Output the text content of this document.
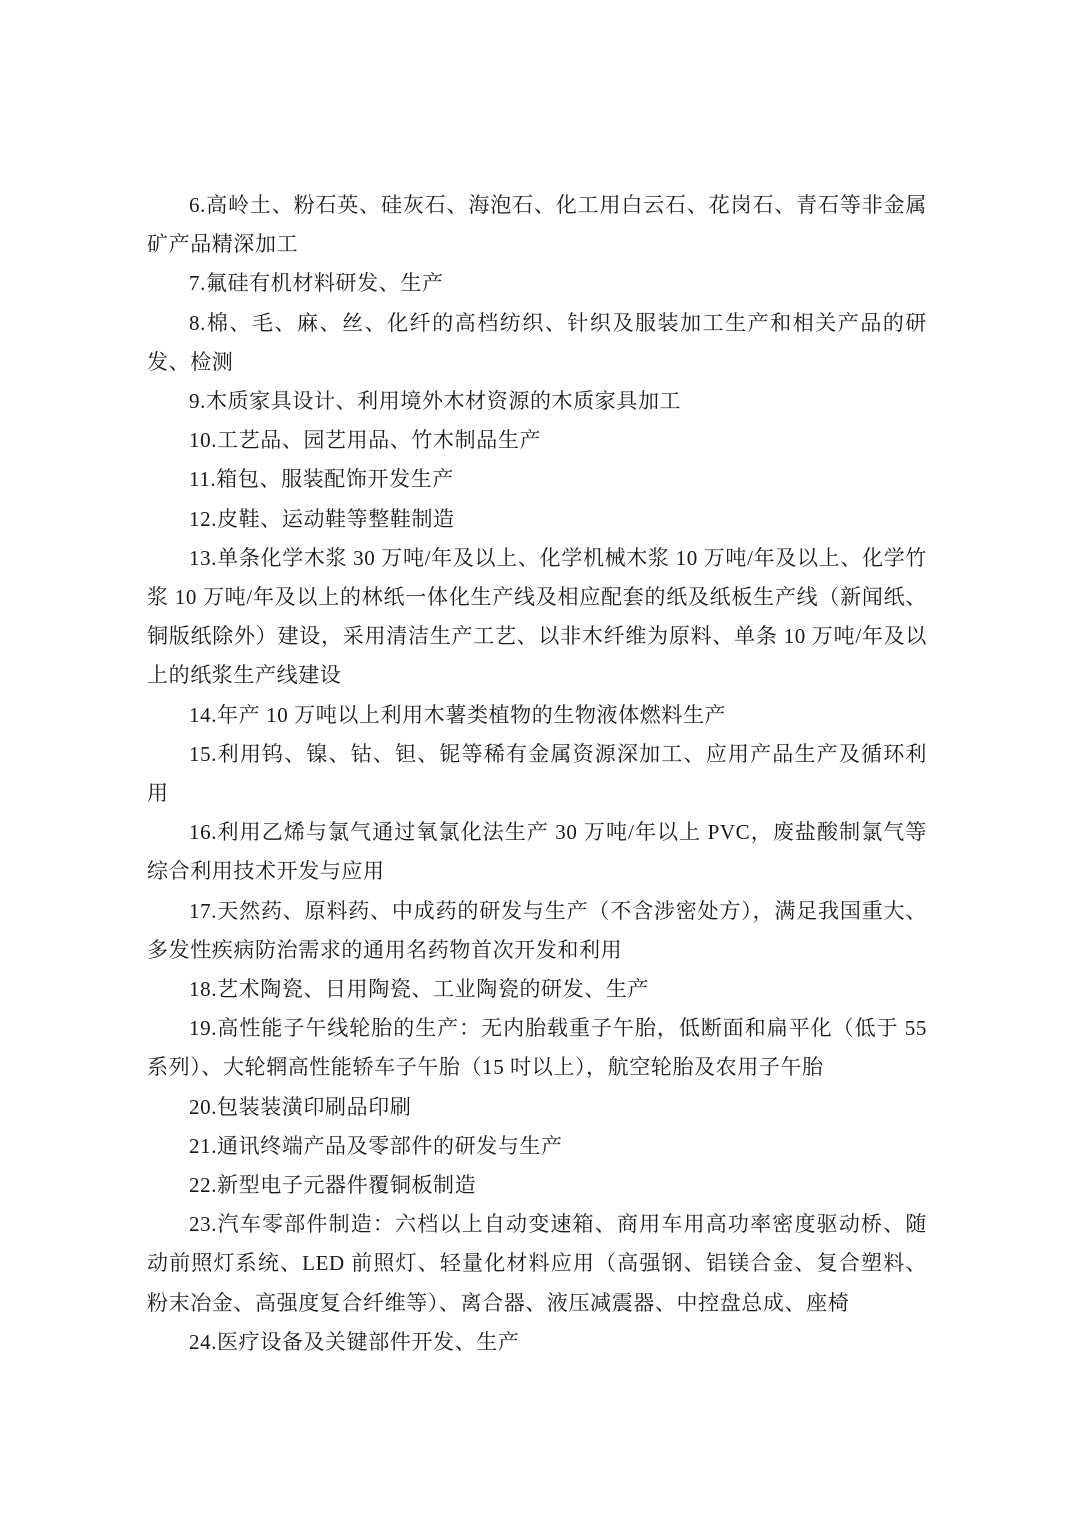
6.高岭土、粉石英、硅灰石、海泡石、化工用白云石、花岗石、青石等非金属矿产品精深加工

7.氟硅有机材料研发、生产

8.棉、毛、麻、丝、化纤的高档纺织、针织及服装加工生产和相关产品的研发、检测

9.木质家具设计、利用境外木材资源的木质家具加工

10.工艺品、园艺用品、竹木制品生产

11.箱包、服装配饰开发生产

12.皮鞋、运动鞋等整鞋制造

13.单条化学木浆 30 万吨/年及以上、化学机械木浆 10 万吨/年及以上、化学竹浆 10 万吨/年及以上的林纸一体化生产线及相应配套的纸及纸板生产线（新闻纸、铜版纸除外）建设，采用清洁生产工艺、以非木纤维为原料、单条 10 万吨/年及以上的纸浆生产线建设

14.年产 10 万吨以上利用木薯类植物的生物液体燃料生产

15.利用钨、镍、钴、钽、铌等稀有金属资源深加工、应用产品生产及循环利用

16.利用乙烯与氯气通过氧氯化法生产 30 万吨/年以上 PVC，废盐酸制氯气等综合利用技术开发与应用

17.天然药、原料药、中成药的研发与生产（不含涉密处方），满足我国重大、多发性疾病防治需求的通用名药物首次开发和利用

18.艺术陶瓷、日用陶瓷、工业陶瓷的研发、生产

19.高性能子午线轮胎的生产：无内胎载重子午胎，低断面和扁平化（低于 55 系列）、大轮辋高性能轿车子午胎（15 吋以上），航空轮胎及农用子午胎

20.包装装潢印刷品印刷

21.通讯终端产品及零部件的研发与生产

22.新型电子元器件覆铜板制造

23.汽车零部件制造：六档以上自动变速箱、商用车用高功率密度驱动桥、随动前照灯系统、LED 前照灯、轻量化材料应用（高强钢、铝镁合金、复合塑料、粉末冶金、高强度复合纤维等）、离合器、液压减震器、中控盘总成、座椅

24.医疗设备及关键部件开发、生产
